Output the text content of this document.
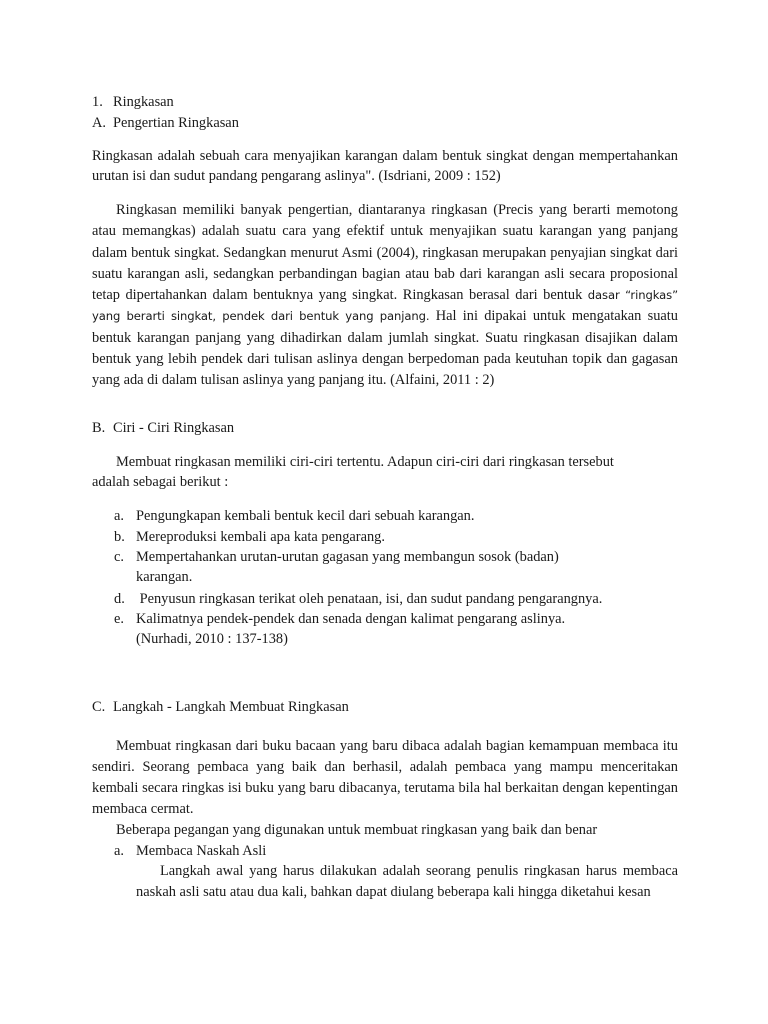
1. Ringkasan
A. Pengertian Ringkasan
Ringkasan adalah sebuah cara menyajikan karangan dalam bentuk singkat dengan mempertahankan urutan isi dan sudut pandang pengarang aslinya". (Isdriani, 2009 : 152)
Ringkasan memiliki banyak pengertian, diantaranya ringkasan (Precis yang berarti memotong atau memangkas) adalah suatu cara yang efektif untuk menyajikan suatu karangan yang panjang dalam bentuk singkat. Sedangkan menurut Asmi (2004), ringkasan merupakan penyajian singkat dari suatu karangan asli, sedangkan perbandingan bagian atau bab dari karangan asli secara proposional tetap dipertahankan dalam bentuknya yang singkat. Ringkasan berasal dari bentuk dasar “ringkas” yang berarti singkat, pendek dari bentuk yang panjang. Hal ini dipakai untuk mengatakan suatu bentuk karangan panjang yang dihadirkan dalam jumlah singkat. Suatu ringkasan disajikan dalam bentuk yang lebih pendek dari tulisan aslinya dengan berpedoman pada keutuhan topik dan gagasan yang ada di dalam tulisan aslinya yang panjang itu. (Alfaini, 2011 : 2)
B. Ciri - Ciri Ringkasan
Membuat ringkasan memiliki ciri-ciri tertentu. Adapun ciri-ciri dari ringkasan tersebut
adalah sebagai berikut :
a. Pengungkapan kembali bentuk kecil dari sebuah karangan.
b. Mereproduksi kembali apa kata pengarang.
c. Mempertahankan urutan-urutan gagasan yang membangun sosok (badan)
karangan.
d. Penyusun ringkasan terikat oleh penataan, isi, dan sudut pandang pengarangnya.
e. Kalimatnya pendek-pendek dan senada dengan kalimat pengarang aslinya.
(Nurhadi, 2010 : 137-138)
C. Langkah - Langkah Membuat Ringkasan
Membuat ringkasan dari buku bacaan yang baru dibaca adalah bagian kemampuan membaca itu sendiri. Seorang pembaca yang baik dan berhasil, adalah pembaca yang mampu menceritakan kembali secara ringkas isi buku yang baru dibacanya, terutama bila hal berkaitan dengan kepentingan membaca cermat.
Beberapa pegangan yang digunakan untuk membuat ringkasan yang baik dan benar
a. Membaca Naskah Asli
Langkah awal yang harus dilakukan adalah seorang penulis ringkasan harus membaca naskah asli satu atau dua kali, bahkan dapat diulang beberapa kali hingga diketahui kesan
